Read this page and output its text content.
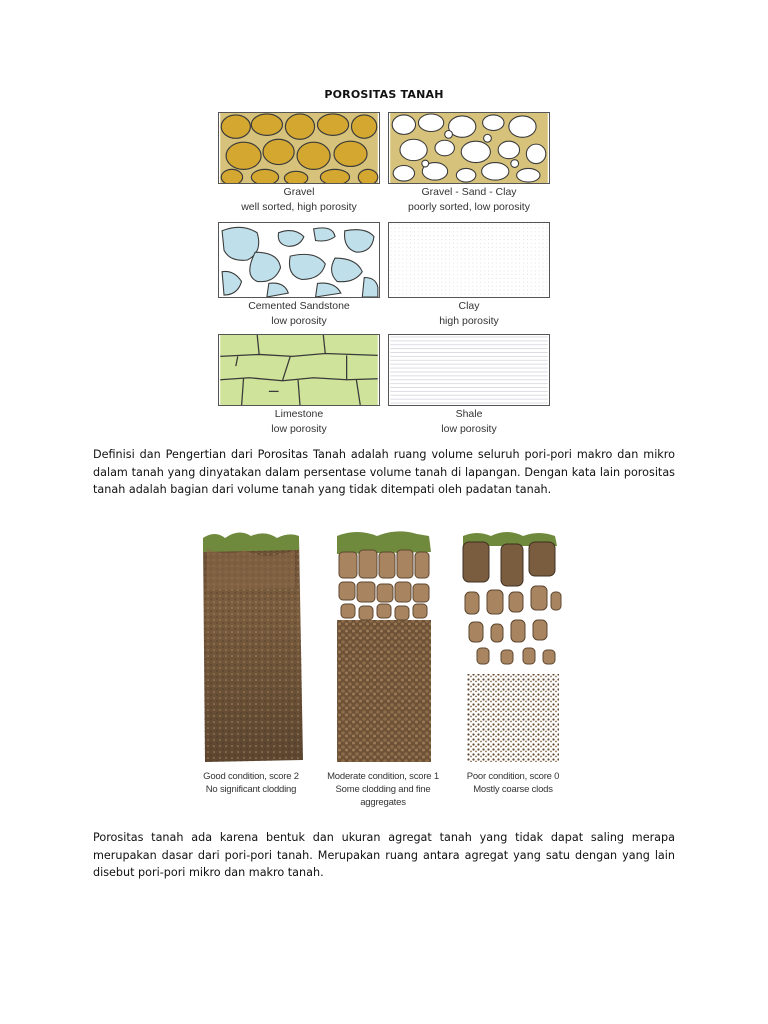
POROSITAS TANAH
Gravel
well sorted, high porosity
Gravel - Sand - Clay
poorly sorted, low porosity
Cemented Sandstone
low porosity
Clay
high porosity
Limestone
low porosity
Shale
low porosity

Definisi dan Pengertian dari Porositas Tanah adalah ruang volume seluruh pori-pori makro dan mikro dalam tanah yang dinyatakan dalam persentase volume tanah di lapangan. Dengan kata lain porositas tanah adalah bagian dari volume tanah yang tidak ditempati oleh padatan tanah.

Good condition, score 2
No significant clodding
Moderate condition, score 1
Some clodding and fine aggregates
Poor condition, score 0
Mostly coarse clods

Porositas tanah ada karena bentuk dan ukuran agregat tanah yang tidak dapat saling merapa merupakan dasar dari pori-pori tanah. Merupakan ruang antara agregat yang satu dengan yang lain disebut pori-pori mikro dan makro tanah.
